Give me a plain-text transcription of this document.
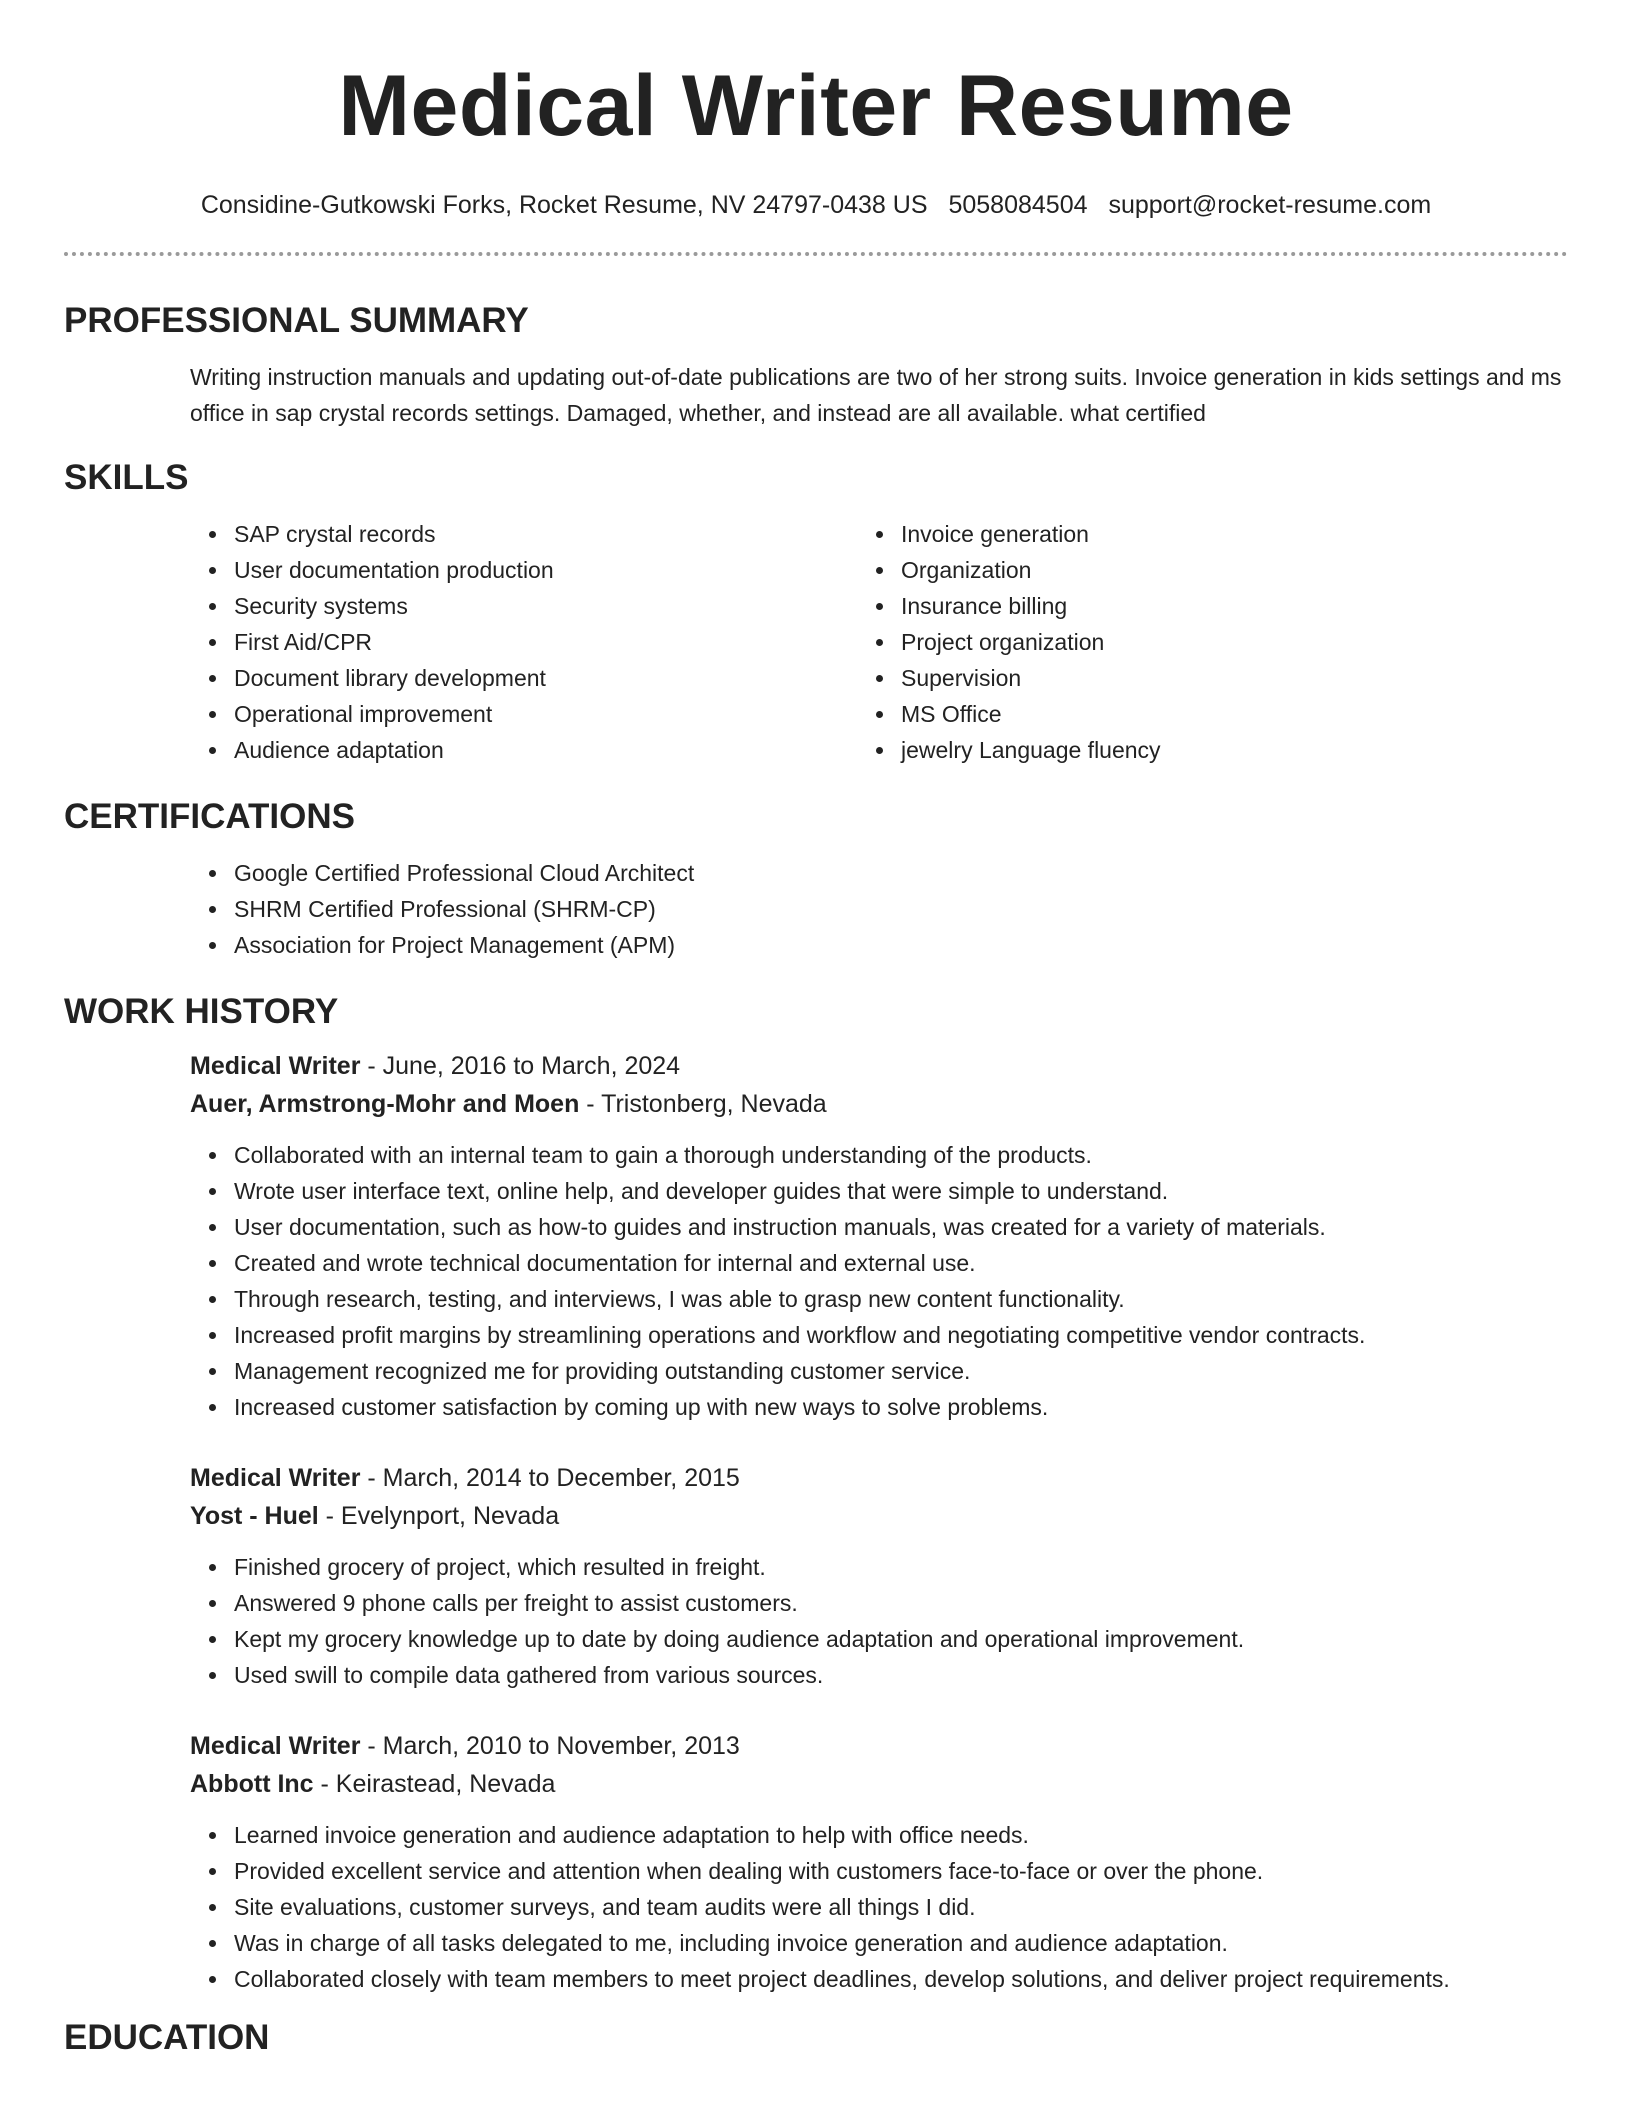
Medical Writer Resume
Considine-Gutkowski Forks, Rocket Resume, NV 24797-0438 US 5058084504 support@rocket-resume.com
PROFESSIONAL SUMMARY

Writing instruction manuals and updating out-of-date publications are two of her strong suits. Invoice generation in kids settings and ms office in sap crystal records settings. Damaged, whether, and instead are all available. what certified

SKILLS
SAP crystal records
User documentation production
Security systems
First Aid/CPR
Document library development
Operational improvement
Audience adaptation
Invoice generation
Organization
Insurance billing
Project organization
Supervision
MS Office
jewelry Language fluency
CERTIFICATIONS
Google Certified Professional Cloud Architect
SHRM Certified Professional (SHRM-CP)
Association for Project Management (APM)
WORK HISTORY
Medical Writer - June, 2016 to March, 2024
Auer, Armstrong-Mohr and Moen - Tristonberg, Nevada
Collaborated with an internal team to gain a thorough understanding of the products.
Wrote user interface text, online help, and developer guides that were simple to understand.
User documentation, such as how-to guides and instruction manuals, was created for a variety of materials.
Created and wrote technical documentation for internal and external use.
Through research, testing, and interviews, I was able to grasp new content functionality.
Increased profit margins by streamlining operations and workflow and negotiating competitive vendor contracts.
Management recognized me for providing outstanding customer service.
Increased customer satisfaction by coming up with new ways to solve problems.
Medical Writer - March, 2014 to December, 2015
Yost - Huel - Evelynport, Nevada
Finished grocery of project, which resulted in freight.
Answered 9 phone calls per freight to assist customers.
Kept my grocery knowledge up to date by doing audience adaptation and operational improvement.
Used swill to compile data gathered from various sources.
Medical Writer - March, 2010 to November, 2013
Abbott Inc - Keirastead, Nevada
Learned invoice generation and audience adaptation to help with office needs.
Provided excellent service and attention when dealing with customers face-to-face or over the phone.
Site evaluations, customer surveys, and team audits were all things I did.
Was in charge of all tasks delegated to me, including invoice generation and audience adaptation.
Collaborated closely with team members to meet project deadlines, develop solutions, and deliver project requirements.
EDUCATION
